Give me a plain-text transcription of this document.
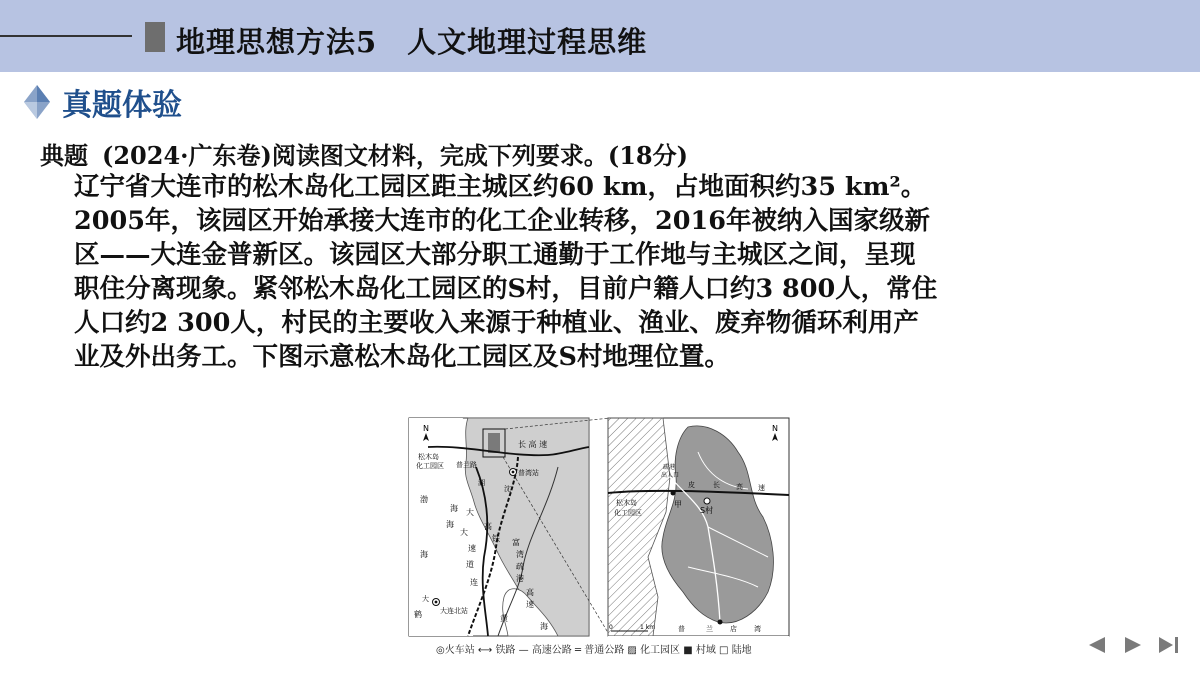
地理思想方法5　人文地理过程思维
真题体验
典题 (2024·广东卷)阅读图文材料，完成下列要求。(18分)
辽宁省大连市的松木岛化工园区距主城区约60 km，占地面积约35 km²。
2005年，该园区开始承接大连市的化工企业转移，2016年被纳入国家级新
区——大连金普新区。该园区大部分职工通勤于工作地与主城区之间，呈现
职住分离现象。紧邻松木岛化工园区的S村，目前户籍人口约3 800人，常住
人口约2 300人，村民的主要收入来源于种植业、渔业、废弃物循环利用产
业及外出务工。下图示意松木岛化工园区及S村地理位置。
N
松木岛
化工园区
长 高 速
普湾站
普兰路
湖
沈
渤
海
海
海
大
大
高
铁 富
速
湾
疏
港
高
速
道
连
大
大连北站
黄
海
鹤
N
疏港
出入口
皮	长 高 速
松木岛
化工园区
甲
S村
0	1 km	普	兰 店 湾
◎火车站 ⟷ 铁路 — 高速公路 ═ 普通公路 ▨ 化工园区 ■ 村域 □ 陆地
